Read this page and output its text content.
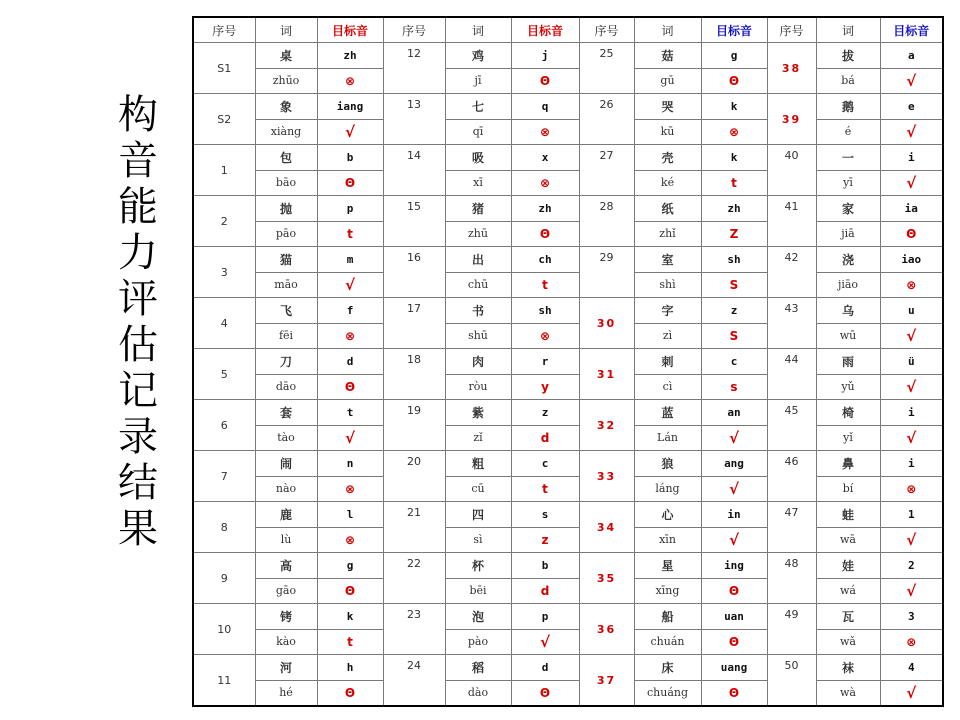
构
音
能
力
评
估
记
录
结
果
序号	词	目标音	序号	词	目标音	序号	词	目标音	序号	词	目标音
S1	桌	zh	12	鸡	j	25	菇	g	38	拔	a
	zhūo	⊗		jī	Θ		gū	Θ		bá	√
S2	象	iang	13	七	q	26	哭	k	39	鹅	e
	xiàng	√		qī	⊗		kū	⊗		é	√
1	包	b	14	吸	x	27	壳	k	40	一	i
	bāo	Θ		xī	⊗		ké	t		yī	√
2	抛	p	15	猪	zh	28	纸	zh	41	家	ia
	pāo	t		zhū	Θ		zhǐ	Z		jiā	Θ
3	猫	m	16	出	ch	29	室	sh	42	浇	iao
	māo	√		chū	t		shì	S		jiāo	⊗
4	飞	f	17	书	sh	30	字	z	43	乌	u
	fēi	⊗		shū	⊗		zì	S		wū	√
5	刀	d	18	肉	r	31	刺	c	44	雨	ü
	dāo	Θ		ròu	y		cì	s		yǔ	√
6	套	t	19	紫	z	32	蓝	an	45	椅	i
	tào	√		zǐ	d		Lán	√		yǐ	√
7	闹	n	20	粗	c	33	狼	ang	46	鼻	i
	nào	⊗		cū	t		láng	√		bí	⊗
8	鹿	l	21	四	s	34	心	in	47	蛙	1
	lù	⊗		sì	z		xīn	√		wā	√
9	高	g	22	杯	b	35	星	ing	48	娃	2
	gāo	Θ		bēi	d		xīng	Θ		wá	√
10	铐	k	23	泡	p	36	船	uan	49	瓦	3
	kào	t		pào	√		chuán	Θ		wǎ	⊗
11	河	h	24	稻	d	37	床	uang	50	袜	4
	hé	Θ		dào	Θ		chuáng	Θ		wà	√
